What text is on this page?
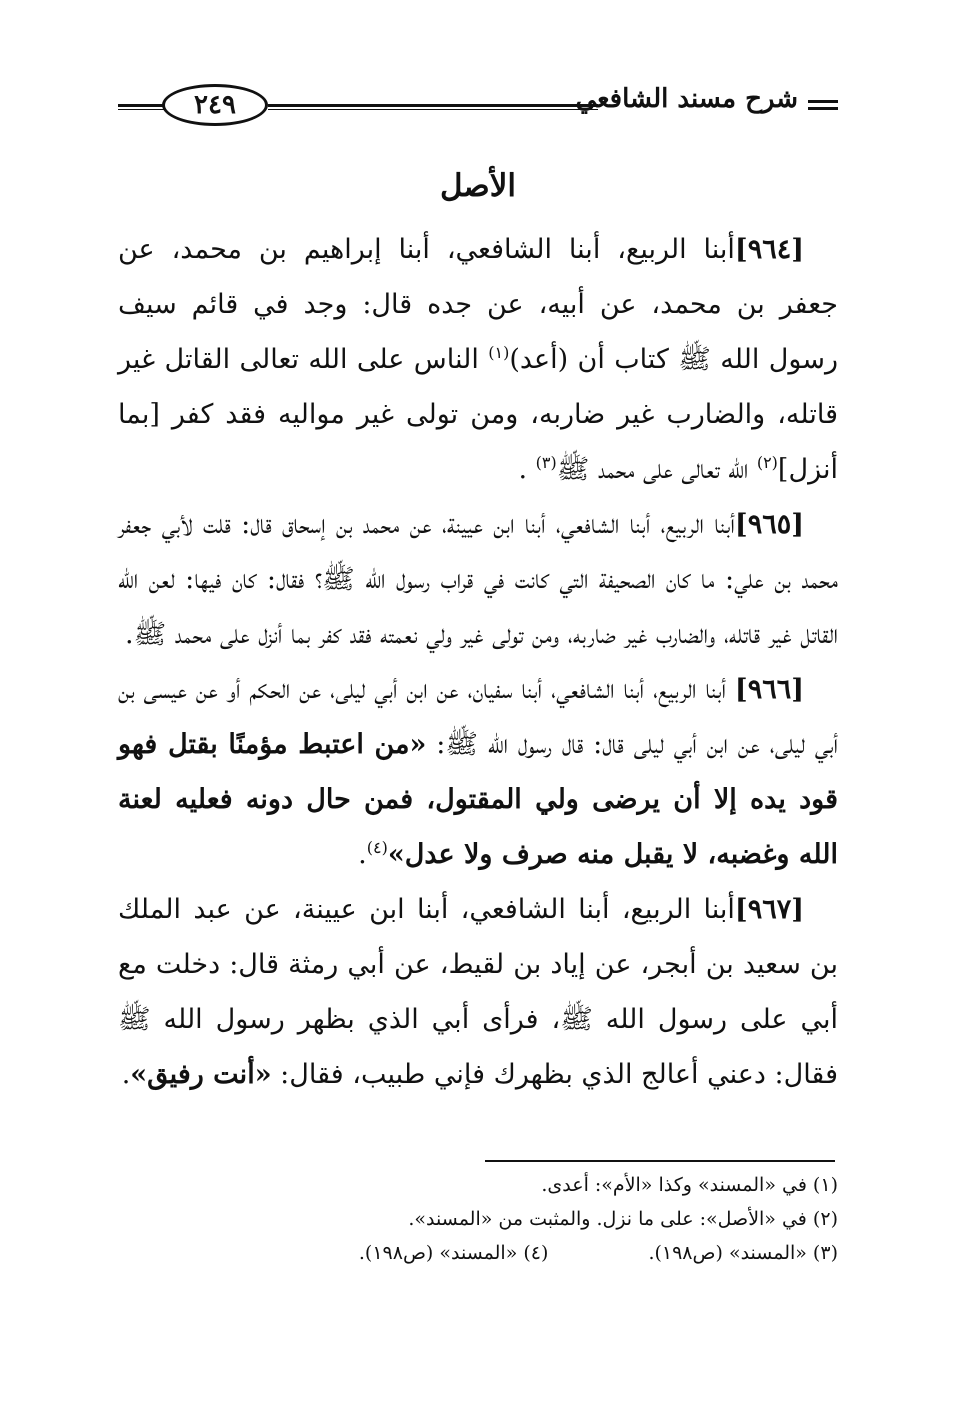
شرح مسند الشافعي
٢٤٩
الأصل

[٩٦٤]أبنا الربيع، أبنا الشافعي، أبنا إبراهيم بن محمد، عن جعفر بن محمد، عن أبيه، عن جده قال: وجد في قائم سيف رسول الله ﷺ كتاب أن (أعد)$^{(١)}$ الناس على الله تعالى القاتل غير قاتله، والضارب غير ضاربه، ومن تولى غير مواليه فقد كفر [بما أنزل]$^{(٢)}$ الله تعالى على محمد ﷺ$^{(٣)}$ .

[٩٦٥]أبنا الربيع، أبنا الشافعي، أبنا ابن عيينة، عن محمد بن إسحاق قال: قلت لأبي جعفر محمد بن علي: ما كان الصحيفة التي كانت في قراب رسول الله ﷺ؟ فقال: كان فيها: لعن الله القاتل غير قاتله، والضارب غير ضاربه، ومن تولى غير ولي نعمته فقد كفر بما أنزل على محمد ﷺ.

[٩٦٦] أبنا الربيع، أبنا الشافعي، أبنا سفيان، عن ابن أبي ليلى، عن الحكم أو عن عيسى بن أبي ليلى، عن ابن أبي ليلى قال: قال رسول الله ﷺ: «من اعتبط مؤمنًا بقتل فهو قود يده إلا أن يرضى ولي المقتول، فمن حال دونه فعليه لعنة الله وغضبه، لا يقبل منه صرف ولا عدل»$^{(٤)}$.

[٩٦٧]أبنا الربيع، أبنا الشافعي، أبنا ابن عيينة، عن عبد الملك بن سعيد بن أبجر، عن إياد بن لقيط، عن أبي رمثة قال: دخلت مع أبي على رسول الله ﷺ، فرأى أبي الذي بظهر رسول الله ﷺ فقال: دعني أعالج الذي بظهرك فإني طبيب، فقال: «أنت رفيق».

(١) في «المسند» وكذا «الأم»: أعدى.
(٢) في «الأصل»: على ما نزل. والمثبت من «المسند».
(٣) «المسند» (ص١٩٨).
(٤) «المسند» (ص١٩٨).
